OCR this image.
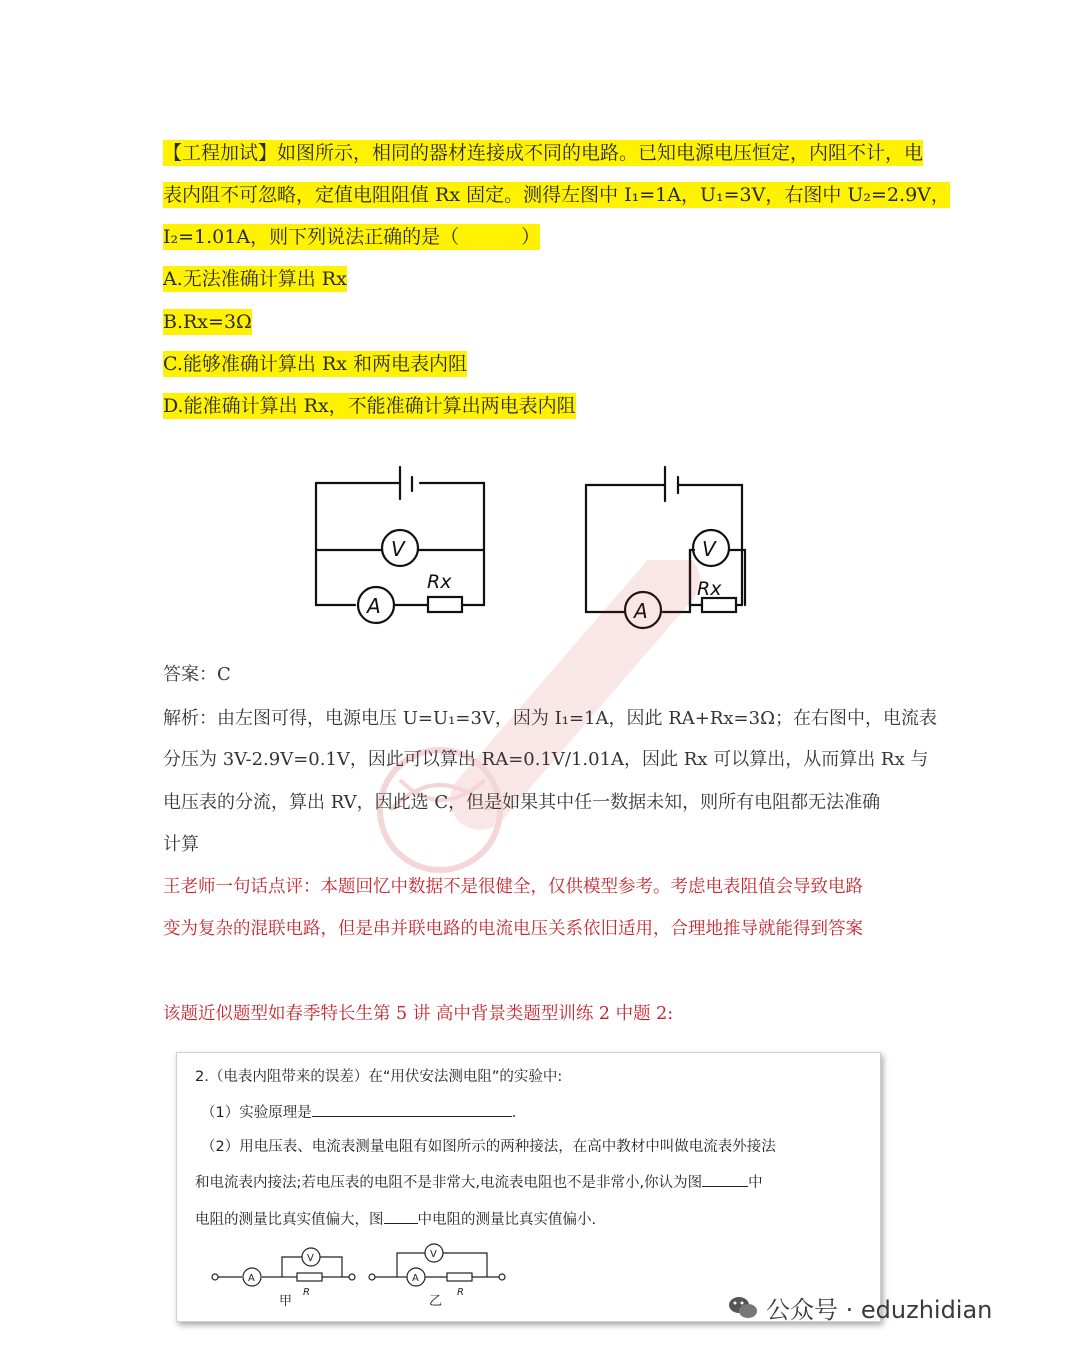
【工程加试】如图所示，相同的器材连接成不同的电路。已知电源电压恒定，内阻不计，电
表内阻不可忽略，定值电阻阻值 Rx 固定。测得左图中 I₁=1A，U₁=3V，右图中 U₂=2.9V，
I₂=1.01A，则下列说法正确的是（	）
A.无法准确计算出 Rx
B.Rx=3Ω
C.能够准确计算出 Rx 和两电表内阻
D.能准确计算出 Rx，不能准确计算出两电表内阻
V
A
Rx
V
A
Rx
答案：C
解析：由左图可得，电源电压 U=U₁=3V，因为 I₁=1A，因此 RA+Rx=3Ω；在右图中，电流表
分压为 3V-2.9V=0.1V，因此可以算出 RA=0.1V/1.01A，因此 Rx 可以算出，从而算出 Rx 与
电压表的分流，算出 RV，因此选 C，但是如果其中任一数据未知，则所有电阻都无法准确
计算
王老师一句话点评：本题回忆中数据不是很健全，仅供模型参考。考虑电表阻值会导致电路
变为复杂的混联电路，但是串并联电路的电流电压关系依旧适用，合理地推导就能得到答案
该题近似题型如春季特长生第 5 讲 高中背景类题型训练 2 中题 2:
2.（电表内阻带来的误差）在“用伏安法测电阻”的实验中:
（1）实验原理是	.
（2）用电压表、电流表测量电阻有如图所示的两种接法，在高中教材中叫做电流表外接法
和电流表内接法;若电压表的电阻不是非常大,电流表电阻也不是非常小,你认为图	中
电阻的测量比真实值偏大，图 中电阻的测量比真实值偏小.
A
V
A
V
R	R
甲	乙	公众号 · eduzhidian
